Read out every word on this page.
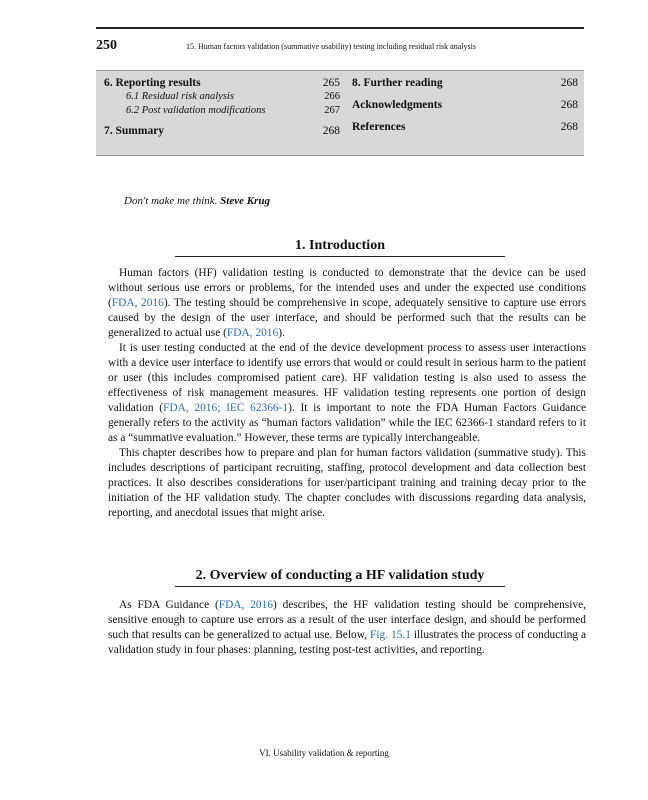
250	15. Human factors validation (summative usability) testing including residual risk analysis
6. Reporting results	265
6.1 Residual risk analysis	266
6.2 Post validation modifications	267
7. Summary	268
8. Further reading	268
Acknowledgments	268
References	268
Don't make me think. Steve Krug
1. Introduction

Human factors (HF) validation testing is conducted to demonstrate that the device can be used without serious use errors or problems, for the intended uses and under the expected use conditions (FDA, 2016). The testing should be comprehensive in scope, adequately sensitive to capture use errors caused by the design of the user interface, and should be performed such that the results can be generalized to actual use (FDA, 2016).

It is user testing conducted at the end of the device development process to assess user interactions with a device user interface to identify use errors that would or could result in serious harm to the patient or user (this includes compromised patient care). HF validation testing is also used to assess the effectiveness of risk management measures. HF validation testing represents one portion of design validation (FDA, 2016; IEC 62366-1). It is important to note the FDA Human Factors Guidance generally refers to the activity as “human factors validation” while the IEC 62366-1 standard refers to it as a “summative evaluation.” However, these terms are typically interchangeable.

This chapter describes how to prepare and plan for human factors validation (summative study). This includes descriptions of participant recruiting, staffing, protocol development and data collection best practices. It also describes considerations for user/participant training and training decay prior to the initiation of the HF validation study. The chapter concludes with discussions regarding data analysis, reporting, and anecdotal issues that might arise.

2. Overview of conducting a HF validation study

As FDA Guidance (FDA, 2016) describes, the HF validation testing should be comprehensive, sensitive enough to capture use errors as a result of the user interface design, and should be performed such that results can be generalized to actual use. Below, Fig. 15.1 illustrates the process of conducting a validation study in four phases: planning, testing post-test activities, and reporting.

VI. Usability validation & reporting
